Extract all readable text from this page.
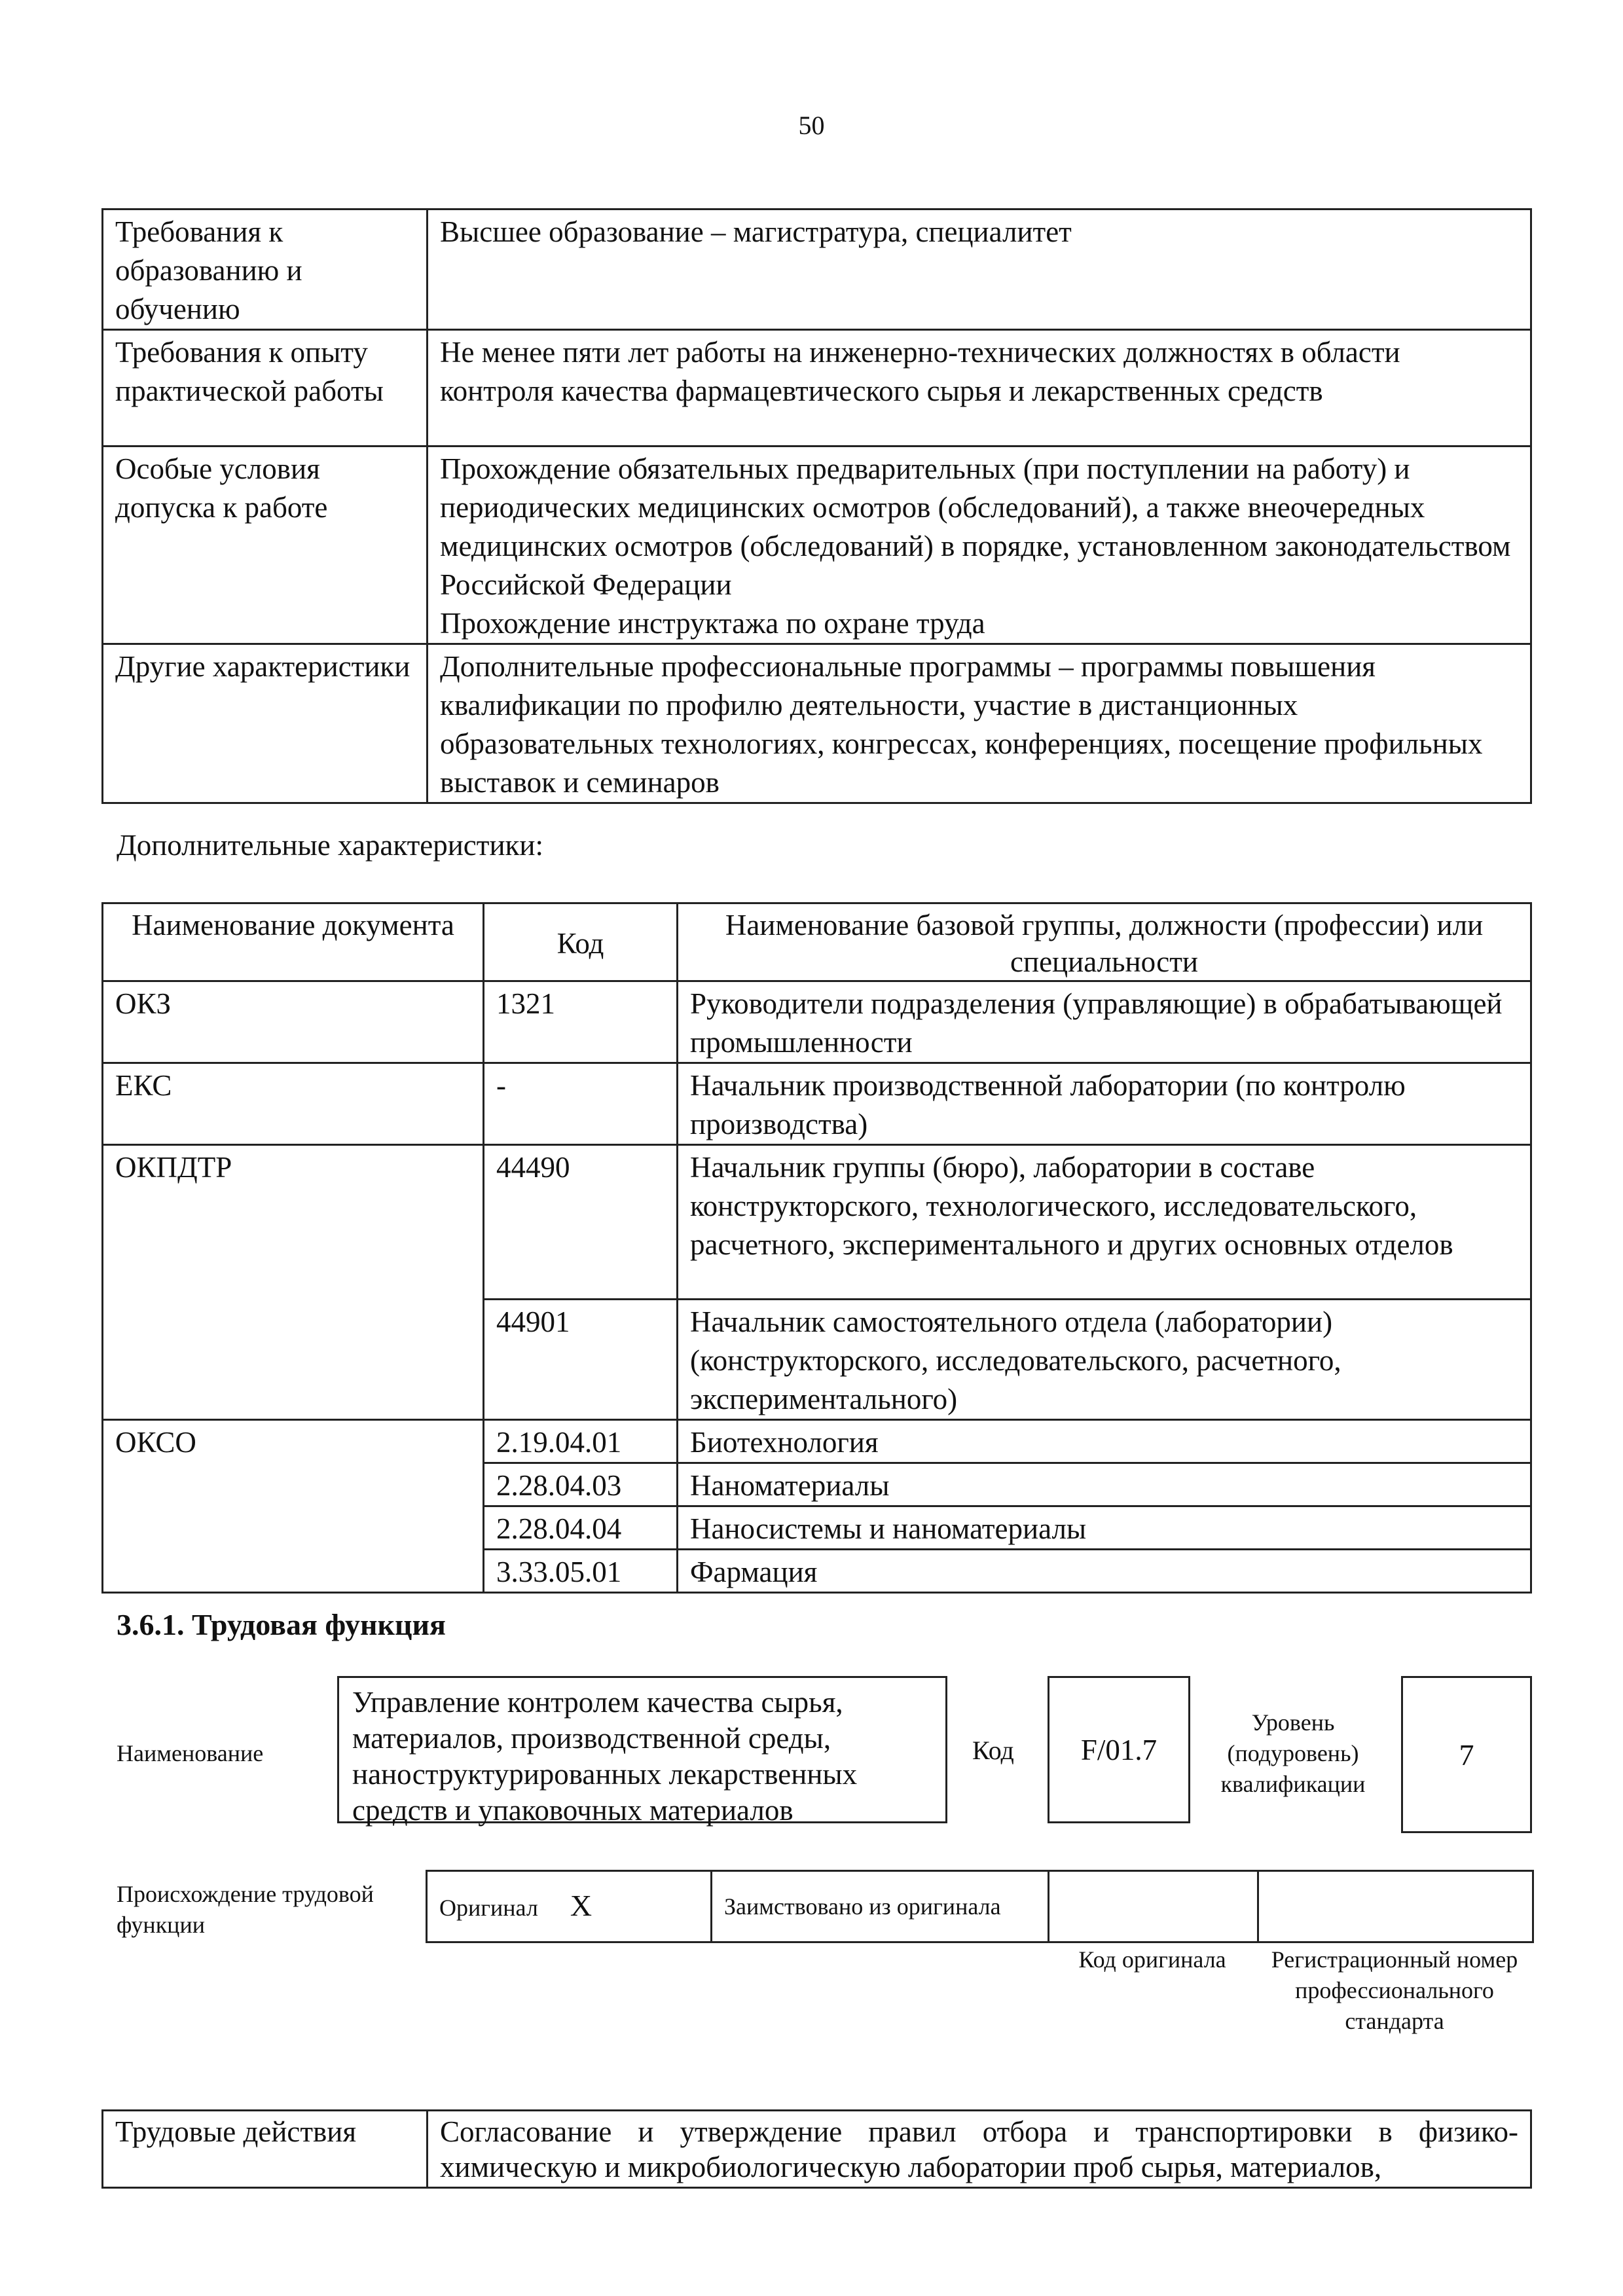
50
Требования к образованию и обучению	Высшее образование – магистратура, специалитет
Требования к опыту практической работы	Не менее пяти лет работы на инженерно-технических должностях в области контроля качества фармацевтического сырья и лекарственных средств
Особые условия допуска к работе	Прохождение обязательных предварительных (при поступлении на работу) и периодических медицинских осмотров (обследований), а также внеочередных медицинских осмотров (обследований) в порядке, установленном законодательством Российской Федерации
Прохождение инструктажа по охране труда

Другие характеристики	Дополнительные профессиональные программы – программы повышения квалификации по профилю деятельности, участие в дистанционных образовательных технологиях, конгрессах, конференциях, посещение профильных выставок и семинаров
Дополнительные характеристики:
Наименование документа	Код	Наименование базовой группы, должности (профессии) или специальности
ОКЗ	1321	Руководители подразделения (управляющие) в обрабатывающей промышленности
ЕКС	-	Начальник производственной лаборатории (по контролю производства)
ОКПДТР	44490	Начальник группы (бюро), лаборатории в составе конструкторского, технологического, исследовательского, расчетного, экспериментального и других основных отделов
	44901	Начальник самостоятельного отдела (лаборатории) (конструкторского, исследовательского, расчетного, экспериментального)
ОКСО	2.19.04.01	Биотехнология
	2.28.04.03	Наноматериалы
	2.28.04.04	Наносистемы и наноматериалы
	3.33.05.01	Фармация
3.6.1. Трудовая функция
Наименование
Управление контролем качества сырья, материалов, производственной среды, наноструктурированных лекарственных средств и упаковочных материалов
Код	F/01.7
Уровень (подуровень) квалификации
7
Происхождение трудовой функции
Оригинал X	Заимствовано из оригинала		
Код оригинала	Регистрационный номер профессионального стандарта
Трудовые действия	Согласование и утверждение правил отбора и транспортировки в физико-химическую и микробиологическую лаборатории проб сырья, материалов,
